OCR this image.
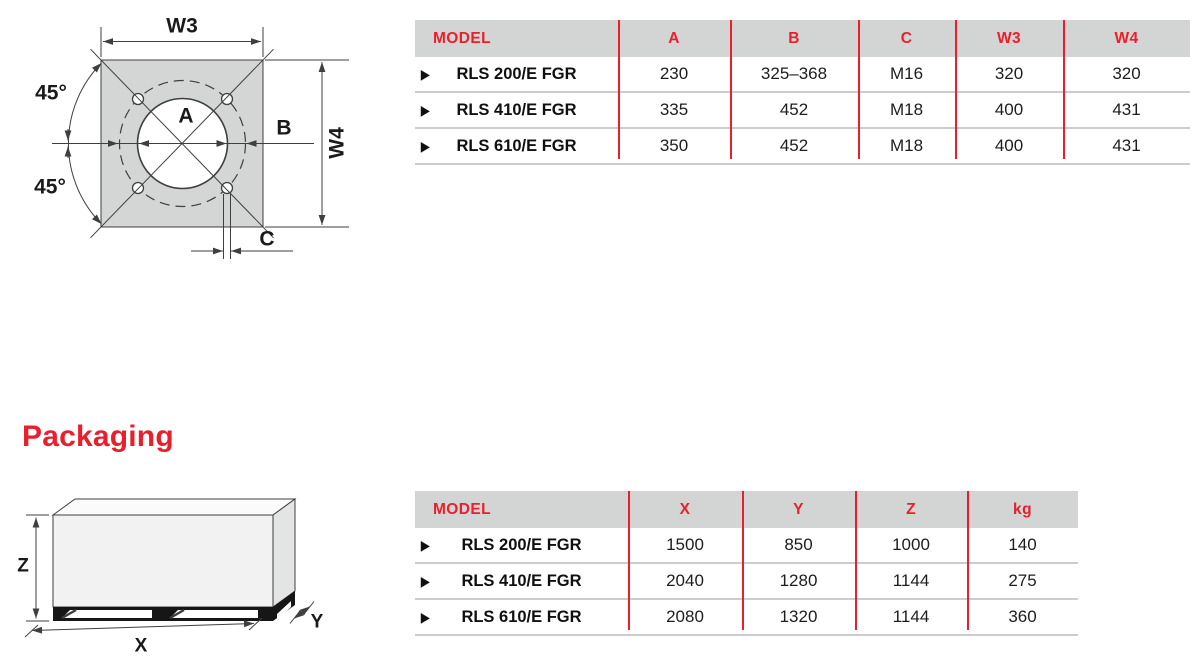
W3
W4
A
B
C
45°
45°
MODEL	A	B	C	W3	W4
▶ RLS 200/E FGR	230	325–368	M16	320	320
▶ RLS 410/E FGR	335	452	M18	400	431
▶ RLS 610/E FGR	350	452	M18	400	431
Packaging
Z
X
Y
MODEL	X	Y	Z	kg
▶ RLS 200/E FGR	1500	850	1000	140
▶ RLS 410/E FGR	2040	1280	1144	275
▶ RLS 610/E FGR	2080	1320	1144	360
